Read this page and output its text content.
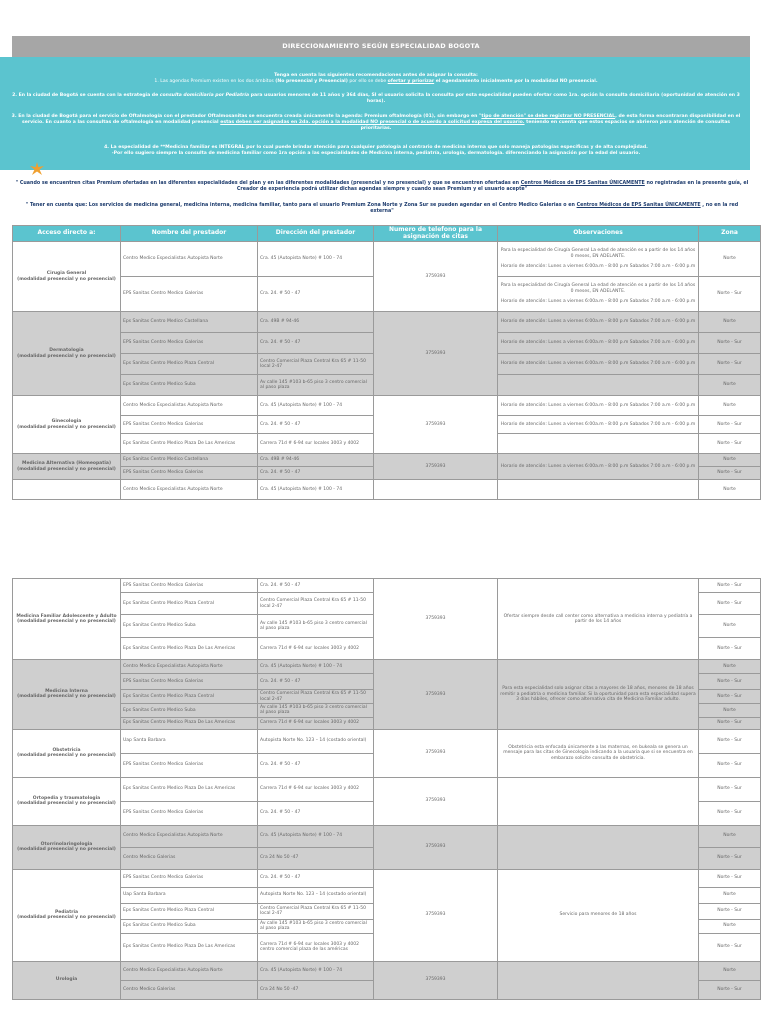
DIRECCIONAMIENTO SEGÚN ESPECIALIDAD BOGOTA

Tenga en cuenta las siguientes recomendaciones antes de asignar la consulta:

1. Las agendas Premium existen en los dos ámbitos (No presencial y Presencial) por ello se debe ofertar y priorizar el agendamiento inicialmente por la modalidad NO presencial.

2. En la ciudad de Bogotá se cuenta con la estrategia de consulta domiciliaria por Pediatría para usuarios menores de 11 años y 364 días, SI el usuario solicita la consulta por esta especialidad pueden ofertar como 1ra. opción la consulta domiciliaria (oportunidad de atención en 3 horas).

3. En la ciudad de Bogotá para el servicio de Oftalmología con el prestador Oftalmosanitas se encuentra creada únicamente la agenda: Premium oftalmología (01), sin embargo en "tipo de atención" se debe registrar NO PRESENCIAL, de esta forma encontraran disponibilidad en el servicio. En cuanto a las consultas de oftalmología en modalidad presencial estas deben ser asignadas en 2da. opción a la modalidad NO presencial o de acuerdo a solicitud expresa del usuario. teniendo en cuenta que estos espacios se abrieron para atención de consultas prioritarias.

4. La especialidad de **Medicina familiar es INTEGRAL por lo cual puede brindar atención para cualquier patología al contrario de medicina interna que solo maneja patologías específicas y de alta complejidad.

-Por ello sugiero siempre la consulta de medicina familiar como 1ra opción a las especialidades de Medicina interna, pediatría, urología, dermatología. diferenciando la asignación por la edad del usuario.

" Cuando se encuentren citas Premium ofertadas en las diferentes especialidades del plan y en las diferentes modalidades (presencial y no presencial) y que se encuentren ofertadas en Centros Médicos de EPS Sanitas ÚNICAMENTE no registradas en la presente guía, el Creador de experiencia podrá utilizar dichas agendas siempre y cuando sean Premium y el usuario acepte"
" Tener en cuenta que: Los servicios de medicina general, medicina interna, medicina familiar, tanto para el usuario Premium Zona Norte y Zona Sur se pueden agendar en el Centro Medico Galerias o en Centros Médicos de EPS Sanitas ÚNICAMENTE , no en la red externa"
Acceso directo a:	Nombre del prestador	Dirección del prestador	Numero de telefono para la asignación de citas	Observaciones	Zona
Cirugia General
(modalidad presencial y no presencial)	Centro Medico Especialistas Autopista Norte	Cra. 45 (Autopista Norte) # 100 - 74	3759393	Para la especialidad de Cirugía General La edad de atención es a partir de los 14 años 0 meses, EN ADELANTE.

Horario de atención: Lunes a viernes 6:00a.m - 8:00 p.m Sabados 7:00 a.m - 6:00 p.m	Norte
	EPS Sanitas Centro Medico Galerias	Cra. 24. # 50 - 47		Para la especialidad de Cirugía General La edad de atención es a partir de los 14 años 0 meses, EN ADELANTE.

Horario de atención: Lunes a viernes 6:00a.m - 8:00 p.m Sabados 7:00 a.m - 6:00 p.m	Norte - Sur
Dermatologia
(modalidad presencial y no presencial)	Eps Sanitas Centro Medico Castellana	Cra. 49B # 94-46	3759393	Horario de atención: Lunes a viernes 6:00a.m - 8:00 p.m Sabados 7:00 a.m - 6:00 p.m	Norte
	EPS Sanitas Centro Medico Galerias	Cra. 24. # 50 - 47		Horario de atención: Lunes a viernes 6:00a.m - 8:00 p.m Sabados 7:00 a.m - 6:00 p.m	Norte - Sur
	Eps Sanitas Centro Medico Plaza Central	Centro Comercial Plaza Central Kra 65 # 11-50 local 2-47		Horario de atención: Lunes a viernes 6:00a.m - 8:00 p.m Sabados 7:00 a.m - 6:00 p.m	Norte - Sur
	Eps Sanitas Centro Medico Suba	Av calle 145 #103 b-65 piso 3 centro comercial al paso plaza			Norte
Ginecologia
(modalidad presencial y no presencial)	Centro Medico Especialistas Autopista Norte	Cra. 45 (Autopista Norte) # 100 - 74	3759393	Horario de atención: Lunes a viernes 6:00a.m - 8:00 p.m Sabados 7:00 a.m - 6:00 p.m	Norte
	EPS Sanitas Centro Medico Galerias	Cra. 24. # 50 - 47		Horario de atención: Lunes a viernes 6:00a.m - 8:00 p.m Sabados 7:00 a.m - 6:00 p.m	Norte - Sur
	Eps Sanitas Centro Medico Plaza De Las Americas	Carrera 71d # 6-94 sur locales 3003 y 4002			Norte - Sur
Medicina Alternativa (Homeopatia)
(modalidad presencial y no presencial)	Eps Sanitas Centro Medico Castellana	Cra. 49B # 94-46	3759393	Horario de atención: Lunes a viernes 6:00a.m - 8:00 p.m Sabados 7:00 a.m - 6:00 p.m	Norte
	EPS Sanitas Centro Medico Galerias	Cra. 24. # 50 - 47			Norte - Sur
	Centro Medico Especialistas Autopista Norte	Cra. 45 (Autopista Norte) # 100 - 74			Norte
Medicina Familiar Adolescente y Adulto
(modalidad presencial y no presencial)	EPS Sanitas Centro Medico Galerias	Cra. 24. # 50 - 47	3759393	Ofertar siempre desde call center como alternativa a medicina interna y pediatría a partir de los 14 años	Norte - Sur
	Eps Sanitas Centro Medico Plaza Central	Centro Comercial Plaza Central Kra 65 # 11-50 local 2-47			Norte - Sur
	Eps Sanitas Centro Medico Suba	Av calle 145 #103 b-65 piso 3 centro comercial al paso plaza			Norte
	Eps Sanitas Centro Medico Plaza De Las Americas	Carrera 71d # 6-94 sur locales 3003 y 4002			Norte - Sur
Medicina Interna
(modalidad presencial y no presencial)	Centro Medico Especialistas Autopista Norte	Cra. 45 (Autopista Norte) # 100 - 74	3759393	Para esta especialidad solo asignar citas a mayores de 18 años, menores de 18 años remitir a pediatría o medicina familiar. Si la oportunidad para esta especialidad supera 3 días hábiles, ofrecer como alternativa cita de Medicina Familiar adulto.	Norte
	EPS Sanitas Centro Medico Galerias	Cra. 24. # 50 - 47			Norte - Sur
	Eps Sanitas Centro Medico Plaza Central	Centro Comercial Plaza Central Kra 65 # 11-50 local 2-47			Norte - Sur
	Eps Sanitas Centro Medico Suba	Av calle 145 #103 b-65 piso 3 centro comercial al paso plaza			Norte
	Eps Sanitas Centro Medico Plaza De Las Americas	Carrera 71d # 6-94 sur locales 3003 y 4002			Norte - Sur
Obstetricia
(modalidad presencial y no presencial)	Uap Santa Barbara	Autopista Norte No. 123 – 14 (costado oriental)	3759393	Obstetricia esta enfocada únicamente a las maternas, en bukeala se genera un mensaje para las citas de Ginecologia indicando a la usuaria que si se encuentra en embarazo solicite consulta de obstetricia.	Norte - Sur
	EPS Sanitas Centro Medico Galerias	Cra. 24. # 50 - 47			Norte - Sur
Ortopedia y traumatologia
(modalidad presencial y no presencial)	Eps Sanitas Centro Medico Plaza De Las Americas	Carrera 71d # 6-94 sur locales 3003 y 4002	3759393		Norte - Sur
	EPS Sanitas Centro Medico Galerias	Cra. 24. # 50 - 47			Norte - Sur
Otorrinolaringologia
(modalidad presencial y no presencial)	Centro Medico Especialistas Autopista Norte	Cra. 45 (Autopista Norte) # 100 - 74	3759393		Norte
	Centro Medico Galerias	Cra 24 No 50 -47			Norte - Sur
Pediatria
(modalidad presencial y no presencial)	EPS Sanitas Centro Medico Galerias	Cra. 24. # 50 - 47	3759393	Servicio para menores de 18 años	Norte - Sur
	Uap Santa Barbara	Autopista Norte No. 123 – 14 (costado oriental)			Norte
	Eps Sanitas Centro Medico Plaza Central	Centro Comercial Plaza Central Kra 65 # 11-50 local 2-47			Norte - Sur
	Eps Sanitas Centro Medico Suba	Av calle 145 #103 b-65 piso 3 centro comercial al paso plaza			Norte
	Eps Sanitas Centro Medico Plaza De Las Americas	Carrera 71d # 6-94 sur locales 3003 y 4002 centro comercial plaza de las américas			Norte - Sur
Urologia	Centro Medico Especialistas Autopista Norte	Cra. 45 (Autopista Norte) # 100 - 74	3759393		Norte
	Centro Medico Galerias	Cra 24 No 50 -47			Norte - Sur
